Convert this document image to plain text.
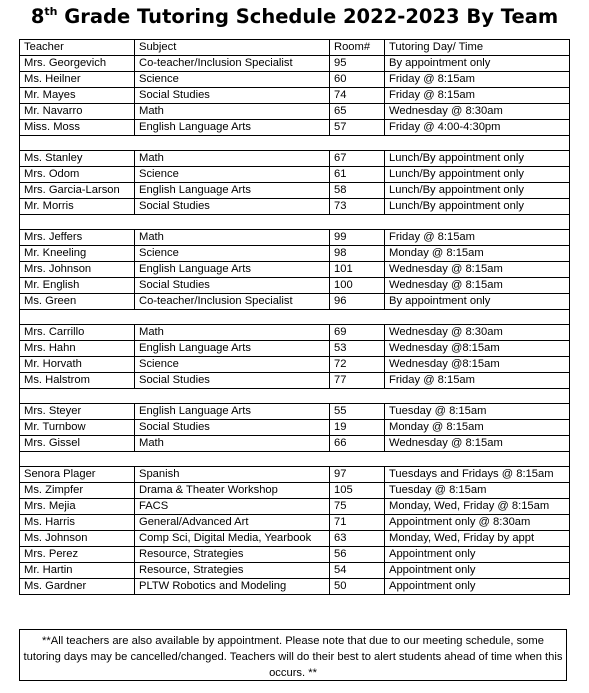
8th Grade Tutoring Schedule 2022-2023 By Team
Teacher	Subject	Room#	Tutoring Day/ Time
Mrs. Georgevich	Co-teacher/Inclusion Specialist	95	By appointment only
Ms. Heilner	Science	60	Friday @ 8:15am
Mr. Mayes	Social Studies	74	Friday @ 8:15am
Mr. Navarro	Math	65	Wednesday @ 8:30am
Miss. Moss	English Language Arts	57	Friday @ 4:00-4:30pm

Ms. Stanley	Math	67	Lunch/By appointment only
Mrs. Odom	Science	61	Lunch/By appointment only
Mrs. Garcia-Larson	English Language Arts	58	Lunch/By appointment only
Mr. Morris	Social Studies	73	Lunch/By appointment only

Mrs. Jeffers	Math	99	Friday @ 8:15am
Mr. Kneeling	Science	98	Monday @ 8:15am
Mrs. Johnson	English Language Arts	101	Wednesday @ 8:15am
Mr. English	Social Studies	100	Wednesday @ 8:15am
Ms. Green	Co-teacher/Inclusion Specialist	96	By appointment only

Mrs. Carrillo	Math	69	Wednesday @ 8:30am
Mrs. Hahn	English Language Arts	53	Wednesday @8:15am
Mr. Horvath	Science	72	Wednesday @8:15am
Ms. Halstrom	Social Studies	77	Friday @ 8:15am

Mrs. Steyer	English Language Arts	55	Tuesday @ 8:15am
Mr. Turnbow	Social Studies	19	Monday @ 8:15am
Mrs. Gissel	Math	66	Wednesday @ 8:15am

Senora Plager	Spanish	97	Tuesdays and Fridays @ 8:15am
Ms. Zimpfer	Drama & Theater Workshop	105	Tuesday @ 8:15am
Mrs. Mejia	FACS	75	Monday, Wed, Friday @ 8:15am
Ms. Harris	General/Advanced Art	71	Appointment only @ 8:30am
Ms. Johnson	Comp Sci, Digital Media, Yearbook	63	Monday, Wed, Friday by appt
Mrs. Perez	Resource, Strategies	56	Appointment only
Mr. Hartin	Resource, Strategies	54	Appointment only
Ms. Gardner	PLTW Robotics and Modeling	50	Appointment only
**All teachers are also available by appointment. Please note that due to our meeting schedule, some tutoring days may be cancelled/changed. Teachers will do their best to alert students ahead of time when this occurs. **
